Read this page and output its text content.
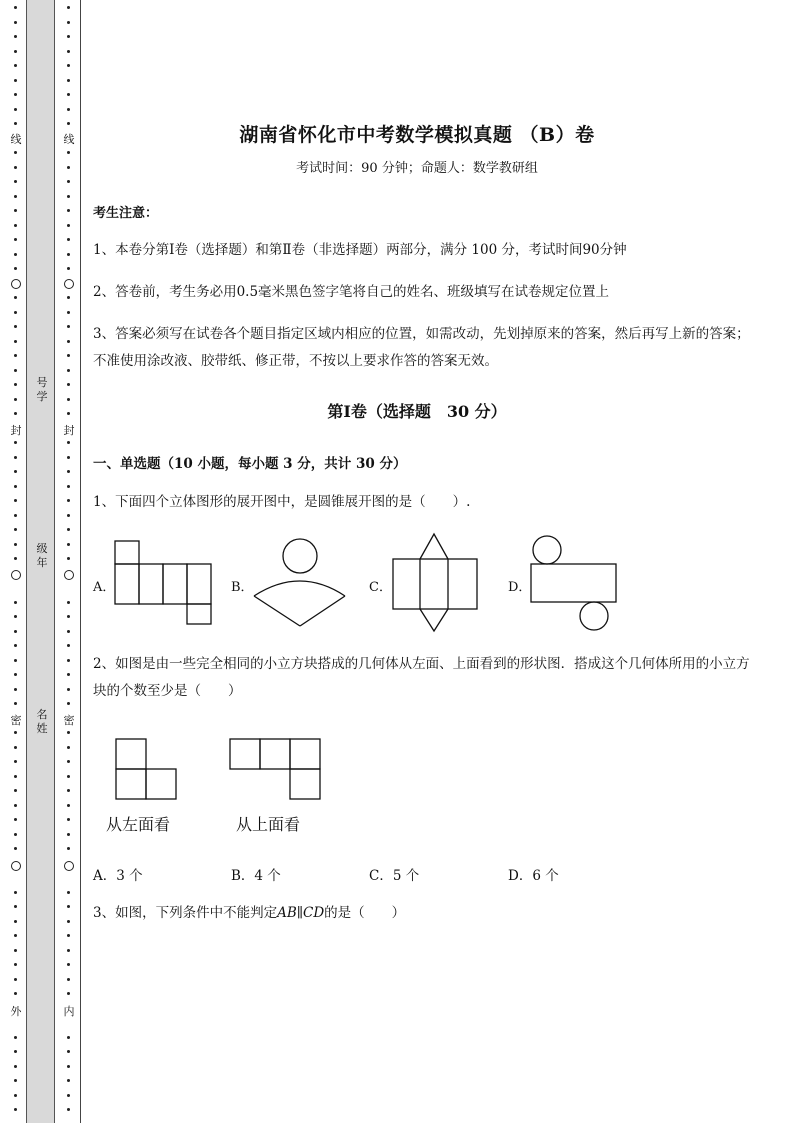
线
封
密
外
线
封
密
内
号
学
级
年
名
姓
湖南省怀化市中考数学模拟真题 （B）卷
考试时间：90 分钟；命题人：数学教研组
考生注意：
1、本卷分第Ⅰ卷（选择题）和第Ⅱ卷（非选择题）两部分，满分 100 分，考试时间90分钟
2、答卷前，考生务必用0.5毫米黑色签字笔将自己的姓名、班级填写在试卷规定位置上
3、答案必须写在试卷各个题目指定区域内相应的位置，如需改动，先划掉原来的答案，然后再写上新的答案；不准使用涂改液、胶带纸、修正带，不按以上要求作答的答案无效。
第Ⅰ卷（选择题　30 分）
一、单选题（10 小题，每小题 3 分，共计 30 分）
1、下面四个立体图形的展开图中，是圆锥展开图的是（　　）.
A．	B．	C．	D．
2、如图是由一些完全相同的小立方块搭成的几何体从左面、上面看到的形状图．搭成这个几何体所用的小立方块的个数至少是（　　）
从左面看	从上面看
A．3 个	B．4 个	C．5 个	D．6 个
3、如图，下列条件中不能判定AB∥CD的是（　　）
